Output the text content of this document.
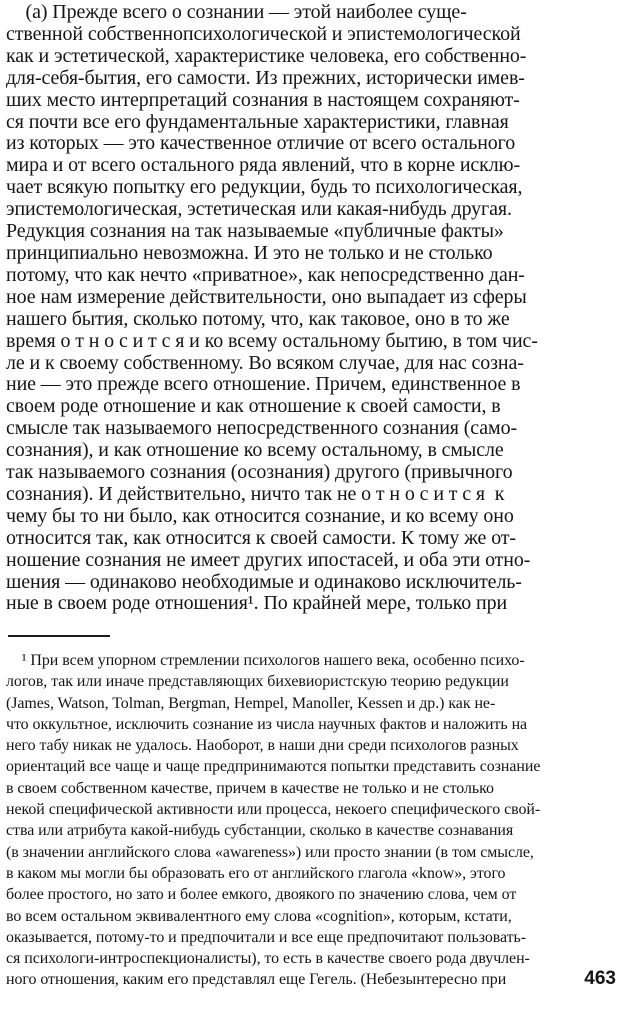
(а) Прежде всего о сознании — этой наиболее суще-
ственной собственнопсихологической и эпистемологической
как и эстетической, характеристике человека, его собственно-
для-себя-бытия, его самости. Из прежних, исторически имев-
ших место интерпретаций сознания в настоящем сохраняют-
ся почти все его фундаментальные характеристики, главная
из которых — это качественное отличие от всего остального
мира и от всего остального ряда явлений, что в корне исклю-
чает всякую попытку его редукции, будь то психологическая,
эпистемологическая, эстетическая или какая-нибудь другая.
Редукция сознания на так называемые «публичные факты»
принципиально невозможна. И это не только и не столько
потому, что как нечто «приватное», как непосредственно дан-
ное нам измерение действительности, оно выпадает из сферы
нашего бытия, сколько потому, что, как таковое, оно в то же
время о т н о с и т с я и ко всему остальному бытию, в том чис-
ле и к своему собственному. Во всяком случае, для нас созна-
ние — это прежде всего отношение. Причем, единственное в
своем роде отношение и как отношение к своей самости, в
смысле так называемого непосредственного сознания (само-
сознания), и как отношение ко всему остальному, в смысле
так называемого сознания (осознания) другого (привычного
сознания). И действительно, ничто так не о т н о с и т с я  к
чему бы то ни было, как относится сознание, и ко всему оно
относится так, как относится к своей самости. К тому же от-
ношение сознания не имеет других ипостасей, и оба эти отно-
шения — одинаково необходимые и одинаково исключитель-
ные в своем роде отношения¹. По крайней мере, только при
¹ При всем упорном стремлении психологов нашего века, особенно психо-
логов, так или иначе представляющих бихевиористскую теорию редукции
(James, Watson, Tolman, Bergman, Hempel, Manoller, Kessen и др.) как не-
что оккультное, исключить сознание из числа научных фактов и наложить на
него табу никак не удалось. Наоборот, в наши дни среди психологов разных
ориентаций все чаще и чаще предпринимаются попытки представить сознание
в своем собственном качестве, причем в качестве не только и не столько
некой специфической активности или процесса, некоего специфического свой-
ства или атрибута какой-нибудь субстанции, сколько в качестве сознавания
(в значении английского слова «awareness») или просто знании (в том смысле,
в каком мы могли бы образовать его от английского глагола «know», этого
более простого, но зато и более емкого, двоякого по значению слова, чем от
во всем остальном эквивалентного ему слова «cognition», которым, кстати,
оказывается, потому-то и предпочитали и все еще предпочитают пользовать-
ся психологи-интроспекционалисты), то есть в качестве своего рода двучлен-
ного отношения, каким его представлял еще Гегель. (Небезынтересно при	463
